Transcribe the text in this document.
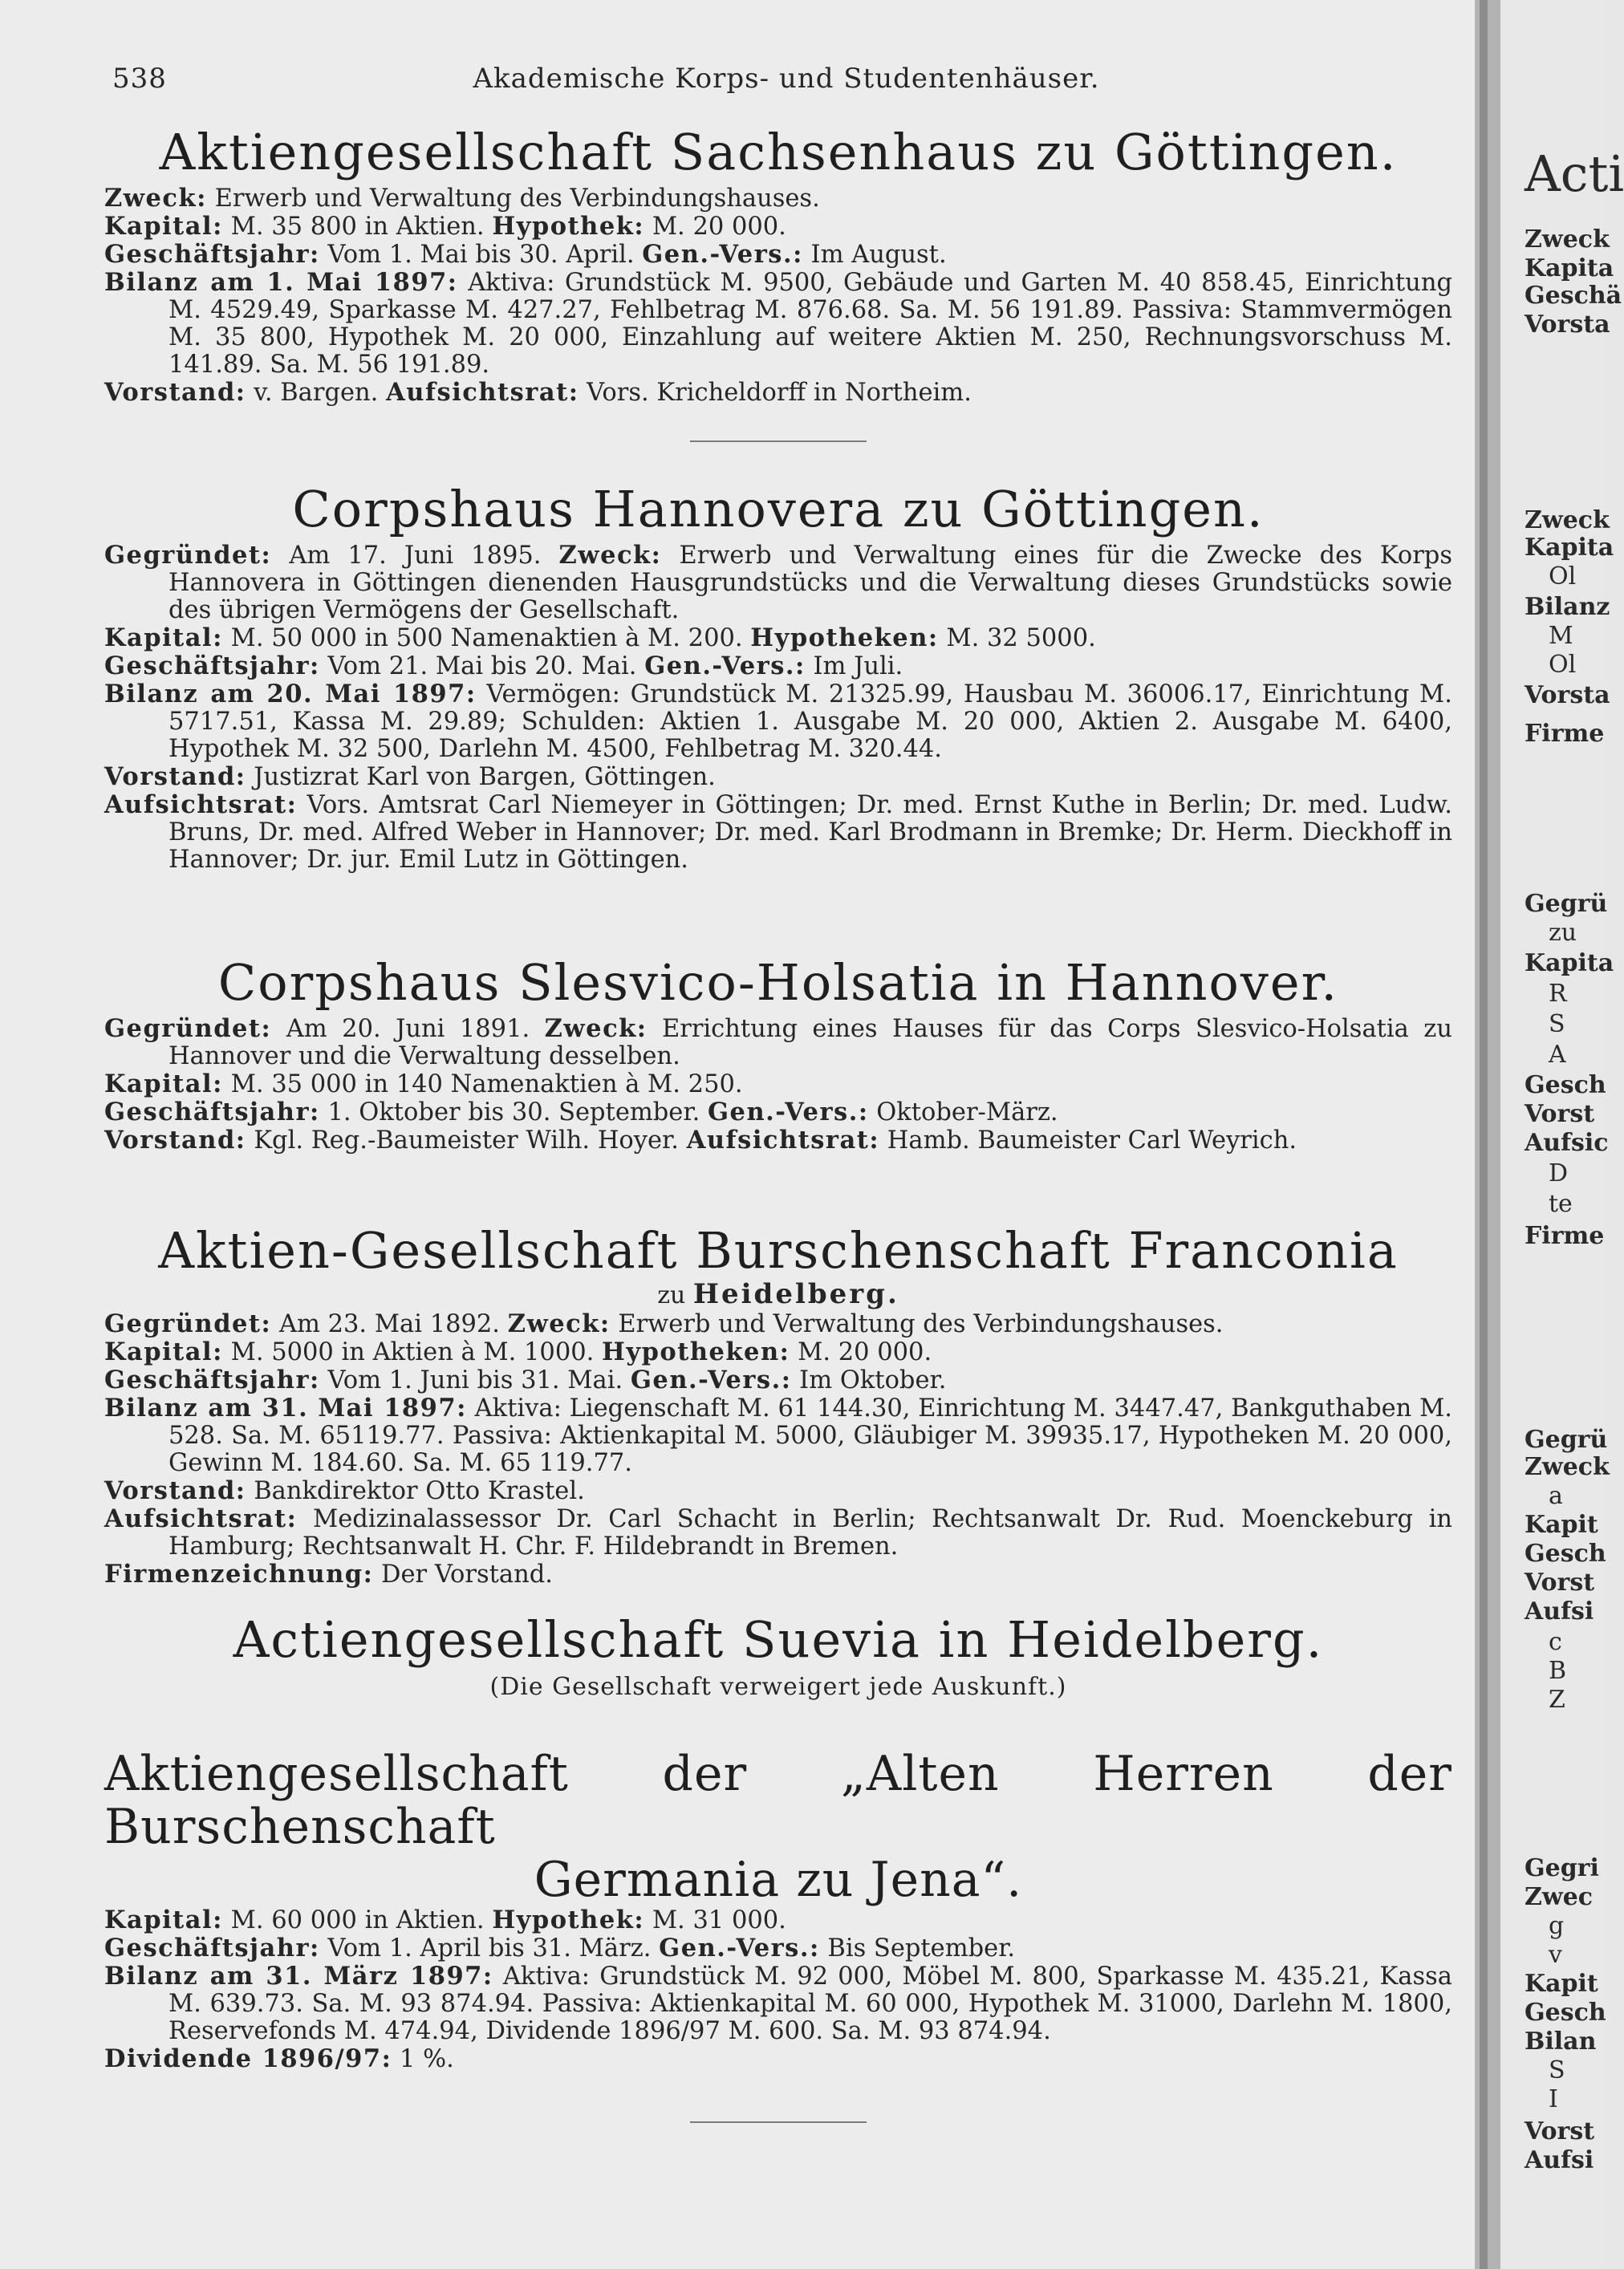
538	Akademische Korps- und Studentenhäuser.
Aktiengesellschaft Sachsenhaus zu Göttingen.

Zweck: Erwerb und Verwaltung des Verbindungshauses.

Kapital: M. 35 800 in Aktien. Hypothek: M. 20 000.

Geschäftsjahr: Vom 1. Mai bis 30. April. Gen.-Vers.: Im August.

Bilanz am 1. Mai 1897: Aktiva: Grundstück M. 9500, Gebäude und Garten M. 40 858.45, Einrichtung M. 4529.49, Sparkasse M. 427.27, Fehlbetrag M. 876.68. Sa. M. 56 191.89. Passiva: Stammvermögen M. 35 800, Hypothek M. 20 000, Einzahlung auf weitere Aktien M. 250, Rechnungsvorschuss M. 141.89. Sa. M. 56 191.89.

Vorstand: v. Bargen. Aufsichtsrat: Vors. Kricheldorff in Northeim.

Corpshaus Hannovera zu Göttingen.

Gegründet: Am 17. Juni 1895. Zweck: Erwerb und Verwaltung eines für die Zwecke des Korps Hannovera in Göttingen dienenden Hausgrundstücks und die Verwaltung dieses Grundstücks sowie des übrigen Vermögens der Gesellschaft.

Kapital: M. 50 000 in 500 Namenaktien à M. 200. Hypotheken: M. 32 5000.

Geschäftsjahr: Vom 21. Mai bis 20. Mai. Gen.-Vers.: Im Juli.

Bilanz am 20. Mai 1897: Vermögen: Grundstück M. 21325.99, Hausbau M. 36006.17, Einrichtung M. 5717.51, Kassa M. 29.89; Schulden: Aktien 1. Ausgabe M. 20 000, Aktien 2. Ausgabe M. 6400, Hypothek M. 32 500, Darlehn M. 4500, Fehlbetrag M. 320.44.

Vorstand: Justizrat Karl von Bargen, Göttingen.

Aufsichtsrat: Vors. Amtsrat Carl Niemeyer in Göttingen; Dr. med. Ernst Kuthe in Berlin; Dr. med. Ludw. Bruns, Dr. med. Alfred Weber in Hannover; Dr. med. Karl Brodmann in Bremke; Dr. Herm. Dieckhoff in Hannover; Dr. jur. Emil Lutz in Göttingen.

Corpshaus Slesvico-Holsatia in Hannover.

Gegründet: Am 20. Juni 1891. Zweck: Errichtung eines Hauses für das Corps Slesvico-Holsatia zu Hannover und die Verwaltung desselben.

Kapital: M. 35 000 in 140 Namenaktien à M. 250.

Geschäftsjahr: 1. Oktober bis 30. September. Gen.-Vers.: Oktober-März.

Vorstand: Kgl. Reg.-Baumeister Wilh. Hoyer. Aufsichtsrat: Hamb. Baumeister Carl Weyrich.

Aktien-Gesellschaft Burschenschaft Franconia
zu Heidelberg.

Gegründet: Am 23. Mai 1892. Zweck: Erwerb und Verwaltung des Verbindungshauses.

Kapital: M. 5000 in Aktien à M. 1000. Hypotheken: M. 20 000.

Geschäftsjahr: Vom 1. Juni bis 31. Mai. Gen.-Vers.: Im Oktober.

Bilanz am 31. Mai 1897: Aktiva: Liegenschaft M. 61 144.30, Einrichtung M. 3447.47, Bankguthaben M. 528. Sa. M. 65119.77. Passiva: Aktienkapital M. 5000, Gläubiger M. 39935.17, Hypotheken M. 20 000, Gewinn M. 184.60. Sa. M. 65 119.77.

Vorstand: Bankdirektor Otto Krastel.

Aufsichtsrat: Medizinalassessor Dr. Carl Schacht in Berlin; Rechtsanwalt Dr. Rud. Moenckeburg in Hamburg; Rechtsanwalt H. Chr. F. Hildebrandt in Bremen.

Firmenzeichnung: Der Vorstand.

Actiengesellschaft Suevia in Heidelberg.
(Die Gesellschaft verweigert jede Auskunft.)
Aktiengesellschaft der „Alten Herren der Burschenschaft
Germania zu Jena“.

Kapital: M. 60 000 in Aktien. Hypothek: M. 31 000.

Geschäftsjahr: Vom 1. April bis 31. März. Gen.-Vers.: Bis September.

Bilanz am 31. März 1897: Aktiva: Grundstück M. 92 000, Möbel M. 800, Sparkasse M. 435.21, Kassa M. 639.73. Sa. M. 93 874.94. Passiva: Aktienkapital M. 60 000, Hypothek M. 31000, Darlehn M. 1800, Reservefonds M. 474.94, Dividende 1896/97 M. 600. Sa. M. 93 874.94.

Dividende 1896/97: 1 %.

Acti
Zweck
Kapita
Geschä
Vorsta
Zweck
Kapita
Ol
Bilanz
M
Ol
Vorsta
Firme
Gegrü
zu
Kapita
R
S
A
Gesch
Vorst
Aufsic
D
te
Firme
Gegrü
Zweck
a
Kapit
Gesch
Vorst
Aufsi
c
B
Z
Gegri
Zwec
g
v
Kapit
Gesch
Bilan
S
I
Vorst
Aufsi
